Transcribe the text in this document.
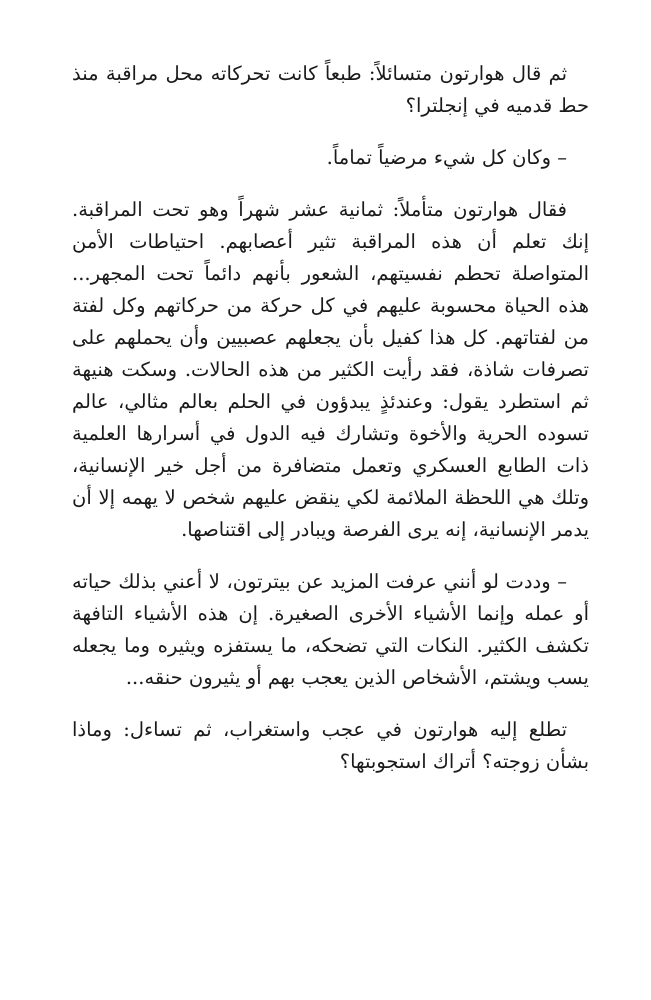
ثم قال هوارتون متسائلاً: طبعاً كانت تحركاته محل مراقبة منذ حط قدميه في إنجلترا؟

– وكان كل شيء مرضياً تماماً.

فقال هوارتون متأملاً: ثمانية عشر شهراً وهو تحت المراقبة. إنك تعلم أن هذه المراقبة تثير أعصابهم. احتياطات الأمن المتواصلة تحطم نفسيتهم، الشعور بأنهم دائماً تحت المجهر... هذه الحياة محسوبة عليهم في كل حركة من حركاتهم وكل لفتة من لفتاتهم. كل هذا كفيل بأن يجعلهم عصبيين وأن يحملهم على تصرفات شاذة، فقد رأيت الكثير من هذه الحالات. وسكت هنيهة ثم استطرد يقول: وعندئذٍ يبدؤون في الحلم بعالم مثالي، عالم تسوده الحرية والأخوة وتشارك فيه الدول في أسرارها العلمية ذات الطابع العسكري وتعمل متضافرة من أجل خير الإنسانية، وتلك هي اللحظة الملائمة لكي ينقض عليهم شخص لا يهمه إلا أن يدمر الإنسانية، إنه يرى الفرصة ويبادر إلى اقتناصها.

– وددت لو أنني عرفت المزيد عن بيترتون، لا أعني بذلك حياته أو عمله وإنما الأشياء الأخرى الصغيرة. إن هذه الأشياء التافهة تكشف الكثير. النكات التي تضحكه، ما يستفزه ويثيره وما يجعله يسب ويشتم، الأشخاص الذين يعجب بهم أو يثيرون حنقه...

تطلع إليه هوارتون في عجب واستغراب، ثم تساءل: وماذا بشأن زوجته؟ أتراك استجوبتها؟
